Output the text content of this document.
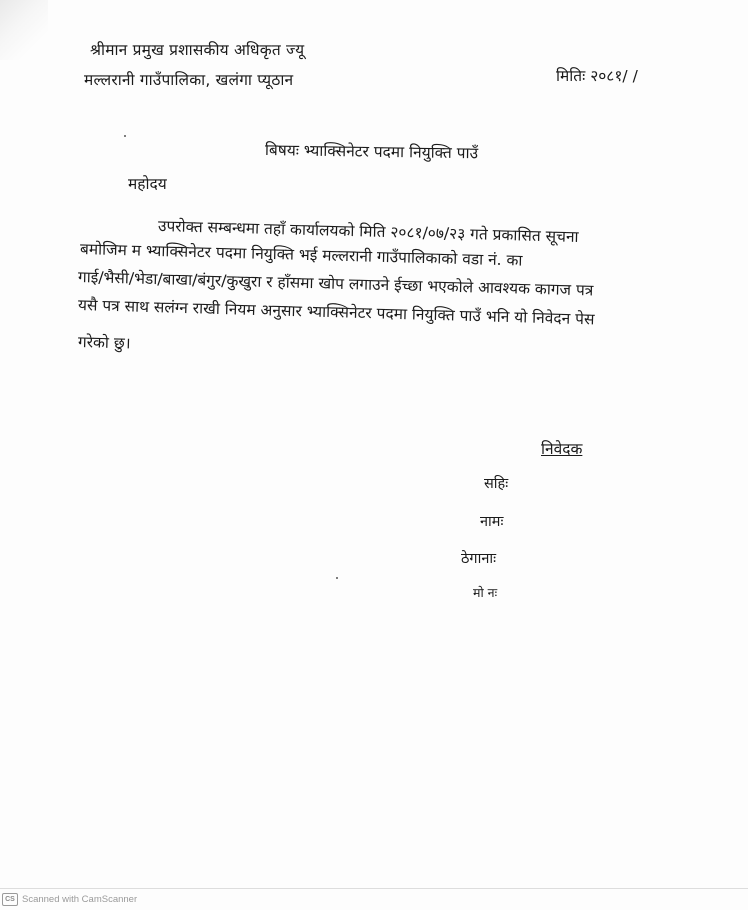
श्रीमान प्रमुख प्रशासकीय अधिकृत ज्यू
मल्लरानी गाउँपालिका, खलंगा प्यूठान	मितिः २०८१/ /
बिषयः भ्याक्सिनेटर पदमा नियुक्ति पाउँ
महोदय
उपरोक्त सम्बन्धमा तहाँ कार्यालयको मिति २०८१/०७/२३ गते प्रकासित सूचना
बमोजिम म भ्याक्सिनेटर पदमा नियुक्ति भई मल्लरानी गाउँपालिकाको वडा नं. का
गाई/भैसी/भेडा/बाखा/बंगुर/कुखुरा र हाँसमा खोप लगाउने ईच्छा भएकोले आवश्यक कागज पत्र
यसै पत्र साथ सलंग्न राखी नियम अनुसार भ्याक्सिनेटर पदमा नियुक्ति पाउँ भनि यो निवेदन पेस
गरेको छु।
निवेदक
सहिः
नामः
ठेगानाः
मो नः
CS Scanned with CamScanner
